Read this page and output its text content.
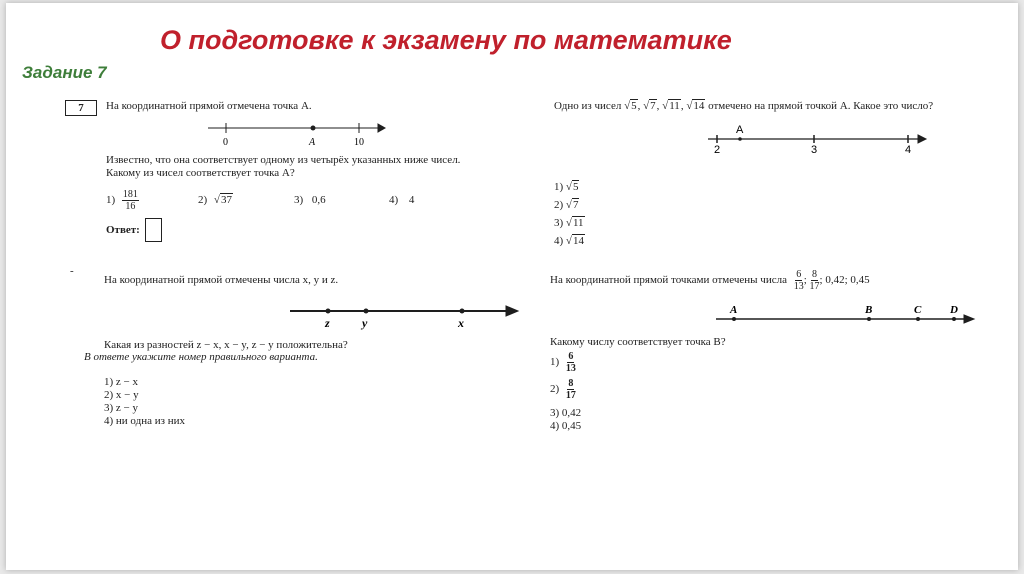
О подготовке к экзамену по математике
Задание 7
7	На координатной прямой отмечена точка A.
0	A	10
Известно, что она соответствует одному из четырёх указанных ниже чисел.
Какому из чисел соответствует точка A?
$1) \frac{181}{16}$	2) √37	3) 0,6	4) 4
Ответ:
Одно из чисел √5, √7, √11, √14 отмечено на прямой точкой A. Какое это число?
A
2	3	4
1) √5
2) √7
3) √11
4) √14
-
На координатной прямой отмечены числа x, y и z.
z	y	x
Какая из разностей z − x, x − y, z − y положительна?
В ответе укажите номер правильного варианта.
1) z − x
2) x − y
3) z − y
4) ни одна из них
На координатной прямой точками отмечены числа $\frac{6}{13}$ ; $\frac{8}{17}$ ; 0,42; 0,45
A	B	C	D
Какому числу соответствует точка B?
$1) \frac{6}{13}$
$2) \frac{8}{17}$
3) 0,42
4) 0,45
